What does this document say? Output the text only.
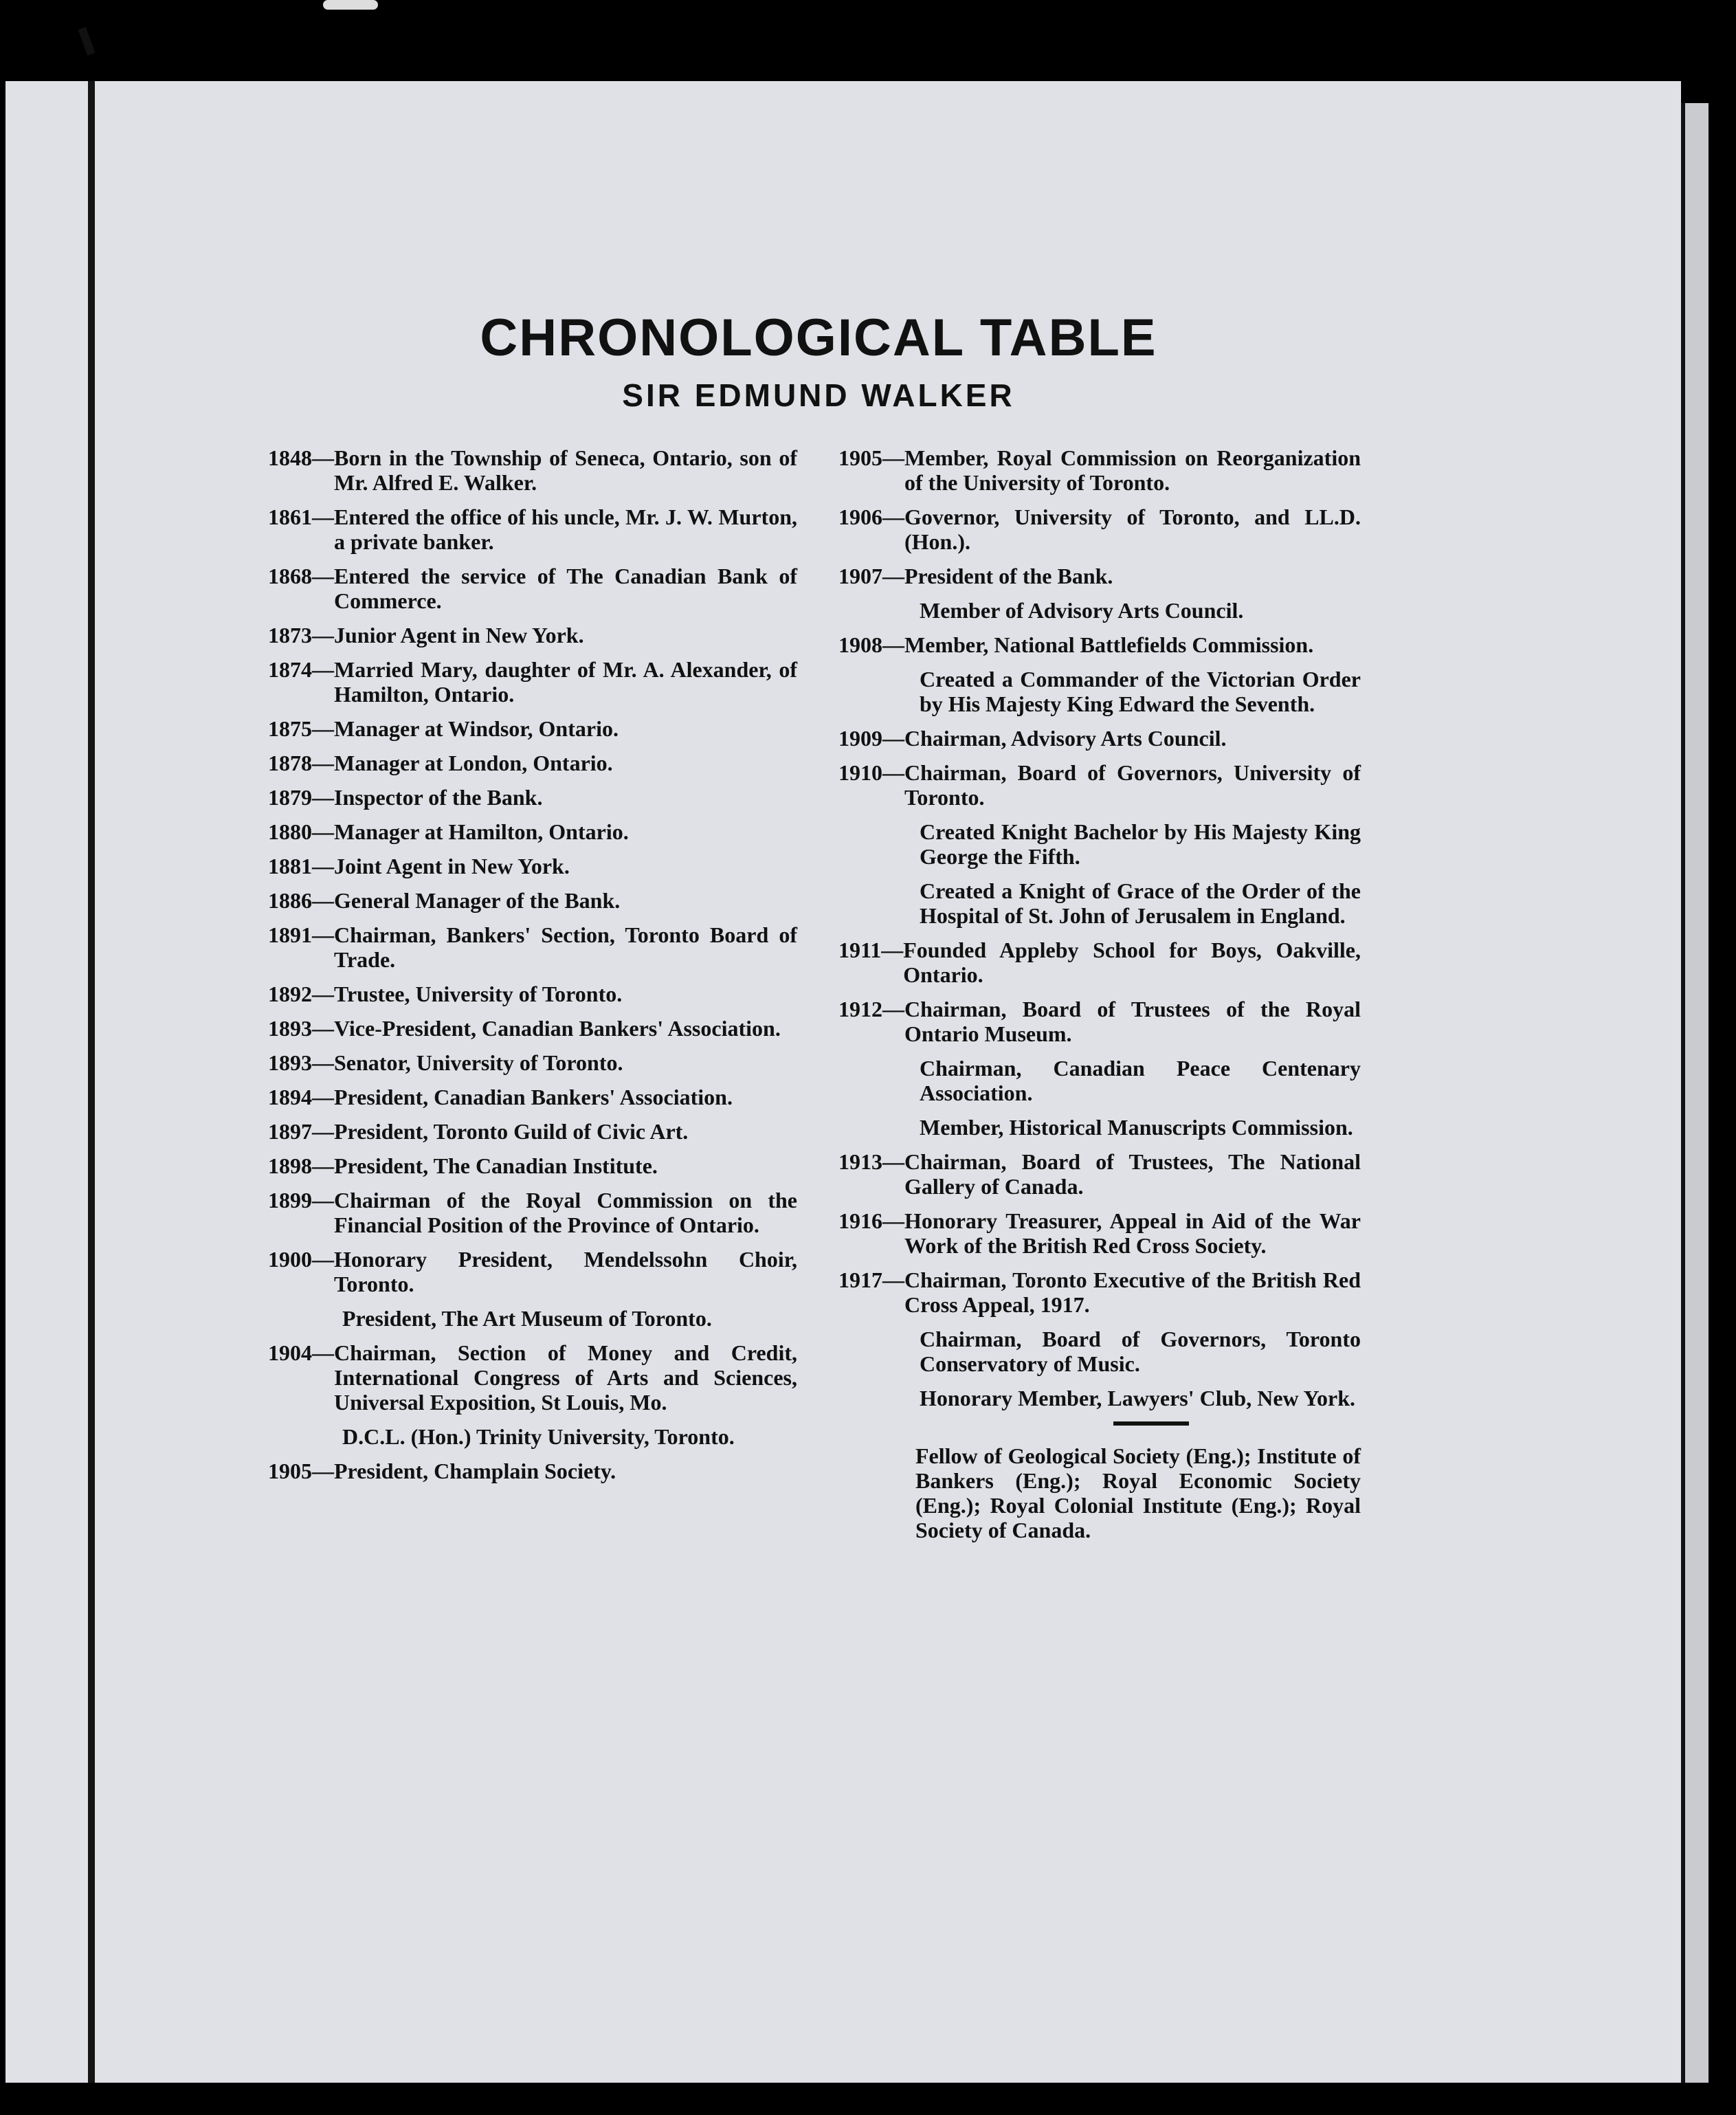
CHRONOLOGICAL TABLE
SIR EDMUND WALKER
1848— Born in the Township of Seneca, Ontario, son of Mr. Alfred E. Walker.
1861— Entered the office of his uncle, Mr. J. W. Murton, a private banker.
1868— Entered the service of The Canadian Bank of Commerce.
1873— Junior Agent in New York.
1874— Married Mary, daughter of Mr. A. Alexander, of Hamilton, Ontario.
1875— Manager at Windsor, Ontario.
1878— Manager at London, Ontario.
1879— Inspector of the Bank.
1880— Manager at Hamilton, Ontario.
1881— Joint Agent in New York.
1886— General Manager of the Bank.
1891— Chairman, Bankers' Section, Toronto Board of Trade.
1892— Trustee, University of Toronto.
1893— Vice-President, Canadian Bankers' Association.
1893— Senator, University of Toronto.
1894— President, Canadian Bankers' Association.
1897— President, Toronto Guild of Civic Art.
1898— President, The Canadian Institute.
1899— Chairman of the Royal Commission on the Financial Position of the Province of Ontario.
1900— Honorary President, Mendelssohn Choir, Toronto.
President, The Art Museum of Toronto.
1904— Chairman, Section of Money and Credit, International Congress of Arts and Sciences, Universal Exposition, St Louis, Mo.
D.C.L. (Hon.) Trinity University, Toronto.
1905— President, Champlain Society.
1905— Member, Royal Commission on Reorganization of the University of Toronto.
1906— Governor, University of Toronto, and LL.D. (Hon.).
1907— President of the Bank.
Member of Advisory Arts Council.
1908— Member, National Battlefields Commission.
Created a Commander of the Victorian Order by His Majesty King Edward the Seventh.
1909— Chairman, Advisory Arts Council.
1910— Chairman, Board of Governors, University of Toronto.
Created Knight Bachelor by His Majesty King George the Fifth.
Created a Knight of Grace of the Order of the Hospital of St. John of Jerusalem in England.
1911— Founded Appleby School for Boys, Oakville, Ontario.
1912— Chairman, Board of Trustees of the Royal Ontario Museum.
Chairman, Canadian Peace Centenary Association.
Member, Historical Manuscripts Commission.
1913— Chairman, Board of Trustees, The National Gallery of Canada.
1916— Honorary Treasurer, Appeal in Aid of the War Work of the British Red Cross Society.
1917— Chairman, Toronto Executive of the British Red Cross Appeal, 1917.
Chairman, Board of Governors, Toronto Conservatory of Music.
Honorary Member, Lawyers' Club, New York.
Fellow of Geological Society (Eng.); Institute of Bankers (Eng.); Royal Economic Society (Eng.); Royal Colonial Institute (Eng.); Royal Society of Canada.
